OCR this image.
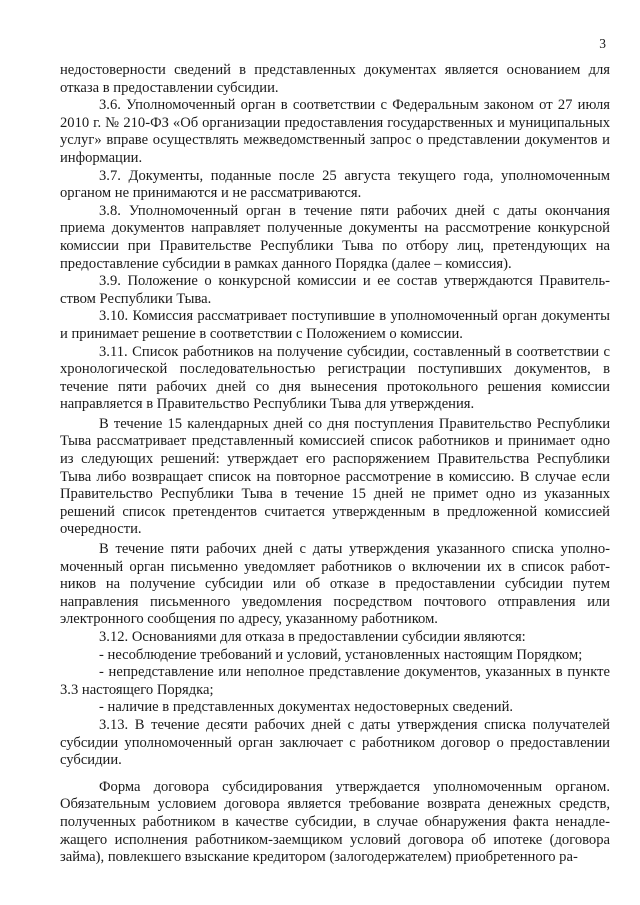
3

недостоверности сведений в представленных документах является основанием для отказа в предоставлении субсидии.

3.6. Уполномоченный орган в соответствии с Федеральным законом от 27 июля 2010 г. № 210-ФЗ «Об организации предоставления государственных и муниципальных услуг» вправе осуществлять межведомственный запрос о представлении документов и информации.

3.7. Документы, поданные после 25 августа текущего года, уполномоченным органом не принимаются и не рассматриваются.

3.8. Уполномоченный орган в течение пяти рабочих дней с даты окончания приема документов направляет полученные документы на рассмотрение конкурсной комиссии при Правительстве Республики Тыва по отбору лиц, претендующих на предоставление субсидии в рамках данного Порядка (далее – комиссия).

3.9. Положение о конкурсной комиссии и ее состав утверждаются Правительством Республики Тыва.

3.10. Комиссия рассматривает поступившие в уполномоченный орган документы и принимает решение в соответствии с Положением о комиссии.

3.11. Список работников на получение субсидии, составленный в соответствии с хронологической последовательностью регистрации поступивших документов, в течение пяти рабочих дней со дня вынесения протокольного решения комиссии направляется в Правительство Республики Тыва для утверждения.

В течение 15 календарных дней со дня поступления Правительство Республики Тыва рассматривает представленный комиссией список работников и принимает одно из следующих решений: утверждает его распоряжением Правительства Республики Тыва либо возвращает список на повторное рассмотрение в комиссию. В случае если Правительство Республики Тыва в течение 15 дней не примет одно из указанных решений список претендентов считается утвержденным в предложенной комиссией очередности.

В течение пяти рабочих дней с даты утверждения указанного списка уполномоченный орган письменно уведомляет работников о включении их в список работников на получение субсидии или об отказе в предоставлении субсидии путем направления письменного уведомления посредством почтового отправления или электронного сообщения по адресу, указанному работником.

3.12. Основаниями для отказа в предоставлении субсидии являются:

- несоблюдение требований и условий, установленных настоящим Порядком;

- непредставление или неполное представление документов, указанных в пункте 3.3 настоящего Порядка;

- наличие в представленных документах недостоверных сведений.

3.13. В течение десяти рабочих дней с даты утверждения списка получателей субсидии уполномоченный орган заключает с работником договор о предоставлении субсидии.

Форма договора субсидирования утверждается уполномоченным органом. Обязательным условием договора является требование возврата денежных средств, полученных работником в качестве субсидии, в случае обнаружения факта ненадлежащего исполнения работником-заемщиком условий договора об ипотеке (договора займа), повлекшего взыскание кредитором (залогодержателем) приобретенного ра-
